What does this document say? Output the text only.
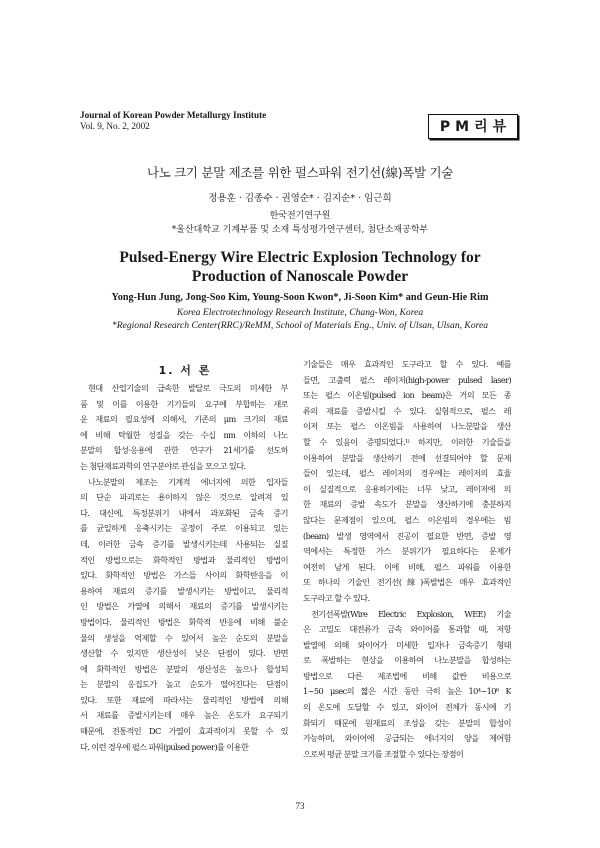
Journal of Korean Powder Metallurgy Institute
Vol. 9, No. 2, 2002	PM리뷰
나노 크기 분말 제조를 위한 펄스파워 전기선(線)폭발 기술
정용훈 · 김종수 · 권영순* · 김지순* · 임근희
한국전기연구원
*울산대학교 기계부품 및 소재 특성평가연구센터, 첨단소재공학부
Pulsed-Energy Wire Electric Explosion Technology for
Production of Nanoscale Powder
Yong-Hun Jung, Jong-Soo Kim, Young-Soon Kwon*, Ji-Soon Kim* and Geun-Hie Rim
Korea Electrotechnology Research Institute, Chang-Won, Korea
*Regional Research Center(RRC)/ReMM, School of Materials Eng., Univ. of Ulsan, Ulsan, Korea
1. 서 론
현대 산업기술의 급속한 발달로 극도의 미세한 부
품 및 이를 이용한 기기들의 요구에 부합하는 새로
운 재료의 필요성에 의해서, 기존의 μm 크기의 재료
에 비해 탁월한 성질을 갖는 수십 nm 이하의 나노
분말의 합성·응용에 관한 연구가 21세기를 선도하
는 첨단재료과학의 연구분야로 관심을 모으고 있다.
나노분말의 제조는 기계적 에너지에 의한 입자들
의 단순 파괴로는 용이하지 않은 것으로 알려져 있
다. 대신에, 특정분위기 내에서 과포화된 금속 증기
를 균일하게 응축시키는 공정이 주로 이용되고 있는
데, 이러한 금속 증기를 발생시키는데 사용되는 실질
적인 방법으로는 화학적인 방법과 물리적인 방법이
있다. 화학적인 방법은 가스들 사이의 화학반응을 이
용하여 재료의 증기를 발생시키는 방법이고, 물리적
인 방법은 가열에 의해서 재료의 증기를 발생시키는
방법이다. 물리적인 방법은 화학적 반응에 비해 불순
물의 생성을 억제할 수 있어서 높은 순도의 분말을
생산할 수 있지만 생산성이 낮은 단점이 있다. 반면
에 화학적인 방법은 분말의 생산성은 높으나 합성되
는 분말의 응집도가 높고 순도가 떨어진다는 단점이
있다. 또한 재료에 따라서는 물리적인 방법에 의해
서 재료를 증발시키는데 매우 높은 온도가 요구되기
때문에, 전통적인 DC 가열이 효과적이지 못할 수 있
다. 이런 경우에 펄스 파워(pulsed power)를 이용한
기술들은 매우 효과적인 도구라고 할 수 있다. 예를
들면, 고출력 펄스 레이저(high-power pulsed laser)
또는 펄스 이온빔(pulsed ion beam)은 거의 모든 종
류의 재료를 증발시킬 수 있다. 실험적으로, 펄스 레
이저 또는 펄스 이온빔을 사용하여 나노분말을 생산
할 수 있음이 증명되었다.¹⁾ 하지만, 이러한 기술들을
이용하여 분말을 생산하기 전에 선결되어야 할 문제
들이 있는데, 펄스 레이저의 경우에는 레이저의 효율
이 실질적으로 응용하기에는 너무 낮고, 레이저에 의
한 재료의 증발 속도가 분말을 생산하기에 충분하지
않다는 문제점이 있으며, 펄스 이온빔의 경우에는 빔
(beam) 발생 영역에서 진공이 필요한 반면, 증발 영
역에서는 특정한 가스 분위기가 필요하다는 문제가
여전히 남게 된다. 이에 비해, 펄스 파워를 이용한
또 하나의 기술인 전기선(線)폭발법은 매우 효과적인
도구라고 할 수 있다.
전기선폭발(Wire Electric Explosion, WEE) 기술
은 고밀도 대전류가 금속 와이어를 통과할 때, 저항
발열에 의해 와이어가 미세한 입자나 금속증기 형태
로 폭발하는 현상을 이용하여 나노분말을 합성하는
방법으로 다른 제조법에 비해 값싼 비용으로
1~50 μsec의 짧은 시간 동안 극히 높은 10⁴~10⁶ K
의 온도에 도달할 수 있고, 와이어 전체가 동시에 기
화되기 때문에 원재료의 조성을 갖는 분말의 합성이
가능하며, 와이어에 공급되는 에너지의 양을 제어함
으로써 평균 분말 크기를 조절할 수 있다는 장점이
73
